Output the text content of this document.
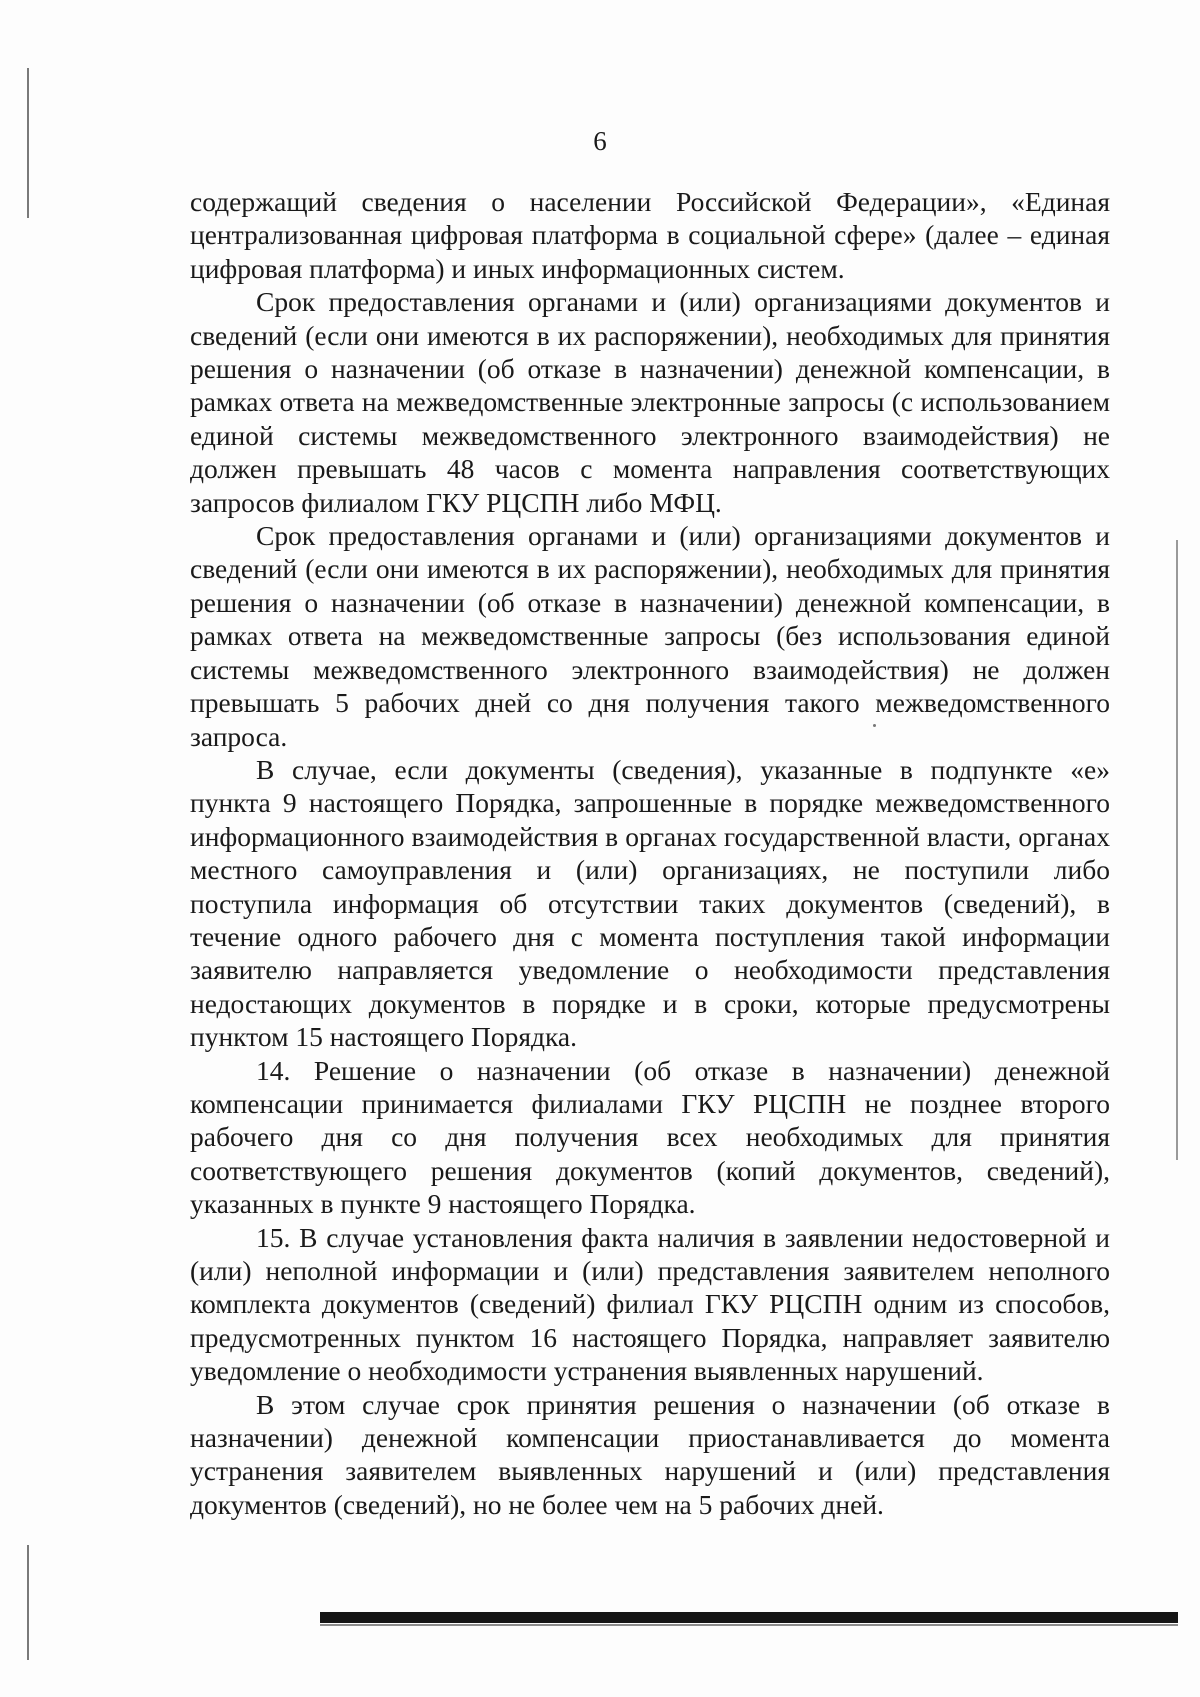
6

содержащий сведения о населении Российской Федерации», «Единая централизованная цифровая платформа в социальной сфере» (далее – единая цифровая платформа) и иных информационных систем.

Срок предоставления органами и (или) организациями документов и сведений (если они имеются в их распоряжении), необходимых для принятия решения о назначении (об отказе в назначении) денежной компенсации, в рамках ответа на межведомственные электронные запросы (с использованием единой системы межведомственного электронного взаимодействия) не должен превышать 48 часов с момента направления соответствующих запросов филиалом ГКУ РЦСПН либо МФЦ.

Срок предоставления органами и (или) организациями документов и сведений (если они имеются в их распоряжении), необходимых для принятия решения о назначении (об отказе в назначении) денежной компенсации, в рамках ответа на межведомственные запросы (без использования единой системы межведомственного электронного взаимодействия) не должен превышать 5 рабочих дней со дня получения такого межведомственного запроса.

В случае, если документы (сведения), указанные в подпункте «е» пункта 9 настоящего Порядка, запрошенные в порядке межведомственного информационного взаимодействия в органах государственной власти, органах местного самоуправления и (или) организациях, не поступили либо поступила информация об отсутствии таких документов (сведений), в течение одного рабочего дня с момента поступления такой информации заявителю направляется уведомление о необходимости представления недостающих документов в порядке и в сроки, которые предусмотрены пунктом 15 настоящего Порядка.

14. Решение о назначении (об отказе в назначении) денежной компенсации принимается филиалами ГКУ РЦСПН не позднее второго рабочего дня со дня получения всех необходимых для принятия соответствующего решения документов (копий документов, сведений), указанных в пункте 9 настоящего Порядка.

15. В случае установления факта наличия в заявлении недостоверной и (или) неполной информации и (или) представления заявителем неполного комплекта документов (сведений) филиал ГКУ РЦСПН одним из способов, предусмотренных пунктом 16 настоящего Порядка, направляет заявителю уведомление о необходимости устранения выявленных нарушений.

В этом случае срок принятия решения о назначении (об отказе в назначении) денежной компенсации приостанавливается до момента устранения заявителем выявленных нарушений и (или) представления документов (сведений), но не более чем на 5 рабочих дней.
